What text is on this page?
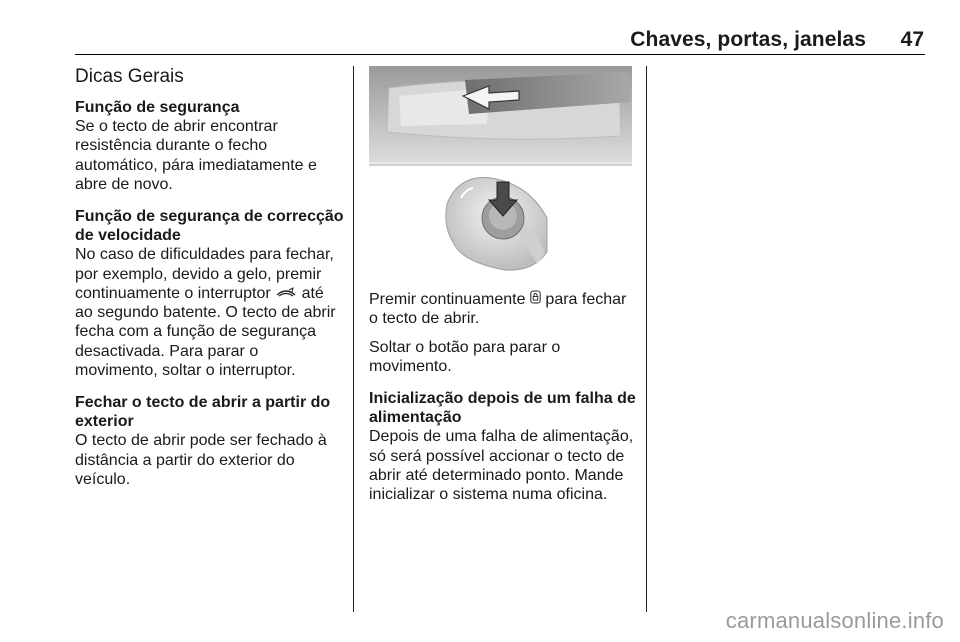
Chaves, portas, janelas 47
Dicas Gerais
Função de segurança

Se o tecto de abrir encontrar resistência durante o fecho automático, pára imediatamente e abre de novo.

Função de segurança de correcção de velocidade

No caso de dificuldades para fechar, por exemplo, devido a gelo, premir continuamente o interruptor até ao segundo batente. O tecto de abrir fecha com a função de segurança desactivada. Para parar o movimento, soltar o interruptor.

Fechar o tecto de abrir a partir do exterior

O tecto de abrir pode ser fechado à distância a partir do exterior do veículo.

Premir continuamente para fechar o tecto de abrir.

Soltar o botão para parar o movimento.

Inicialização depois de um falha de alimentação

Depois de uma falha de alimentação, só será possível accionar o tecto de abrir até determinado ponto. Mande inicializar o sistema numa oficina.

carmanualsonline.info
